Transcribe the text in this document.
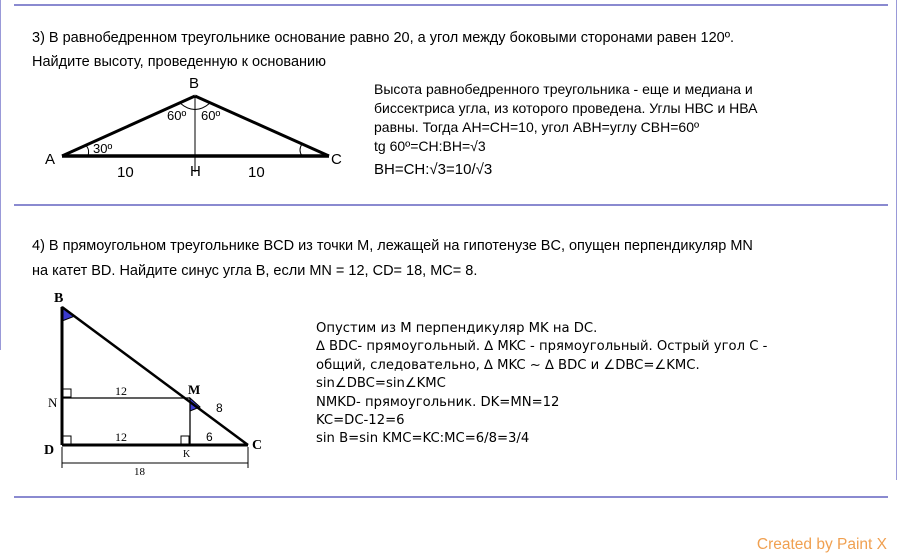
3) В равнобедренном треугольнике основание равно 20, а угол между боковыми сторонами равен 120º.
Найдите высоту, проведенную к основанию
B
A	C
H
60º 60º
30º
10	10
Высота равнобедренного треугольника - еще и медиана и
биссектриса угла, из которого проведена. Углы НВС и НВА
равны. Тогда АН=СН=10, угол АВН=углу СВН=60º
tg 60º=CH:BH=√3
BH=CH:√3=10/√3
4) В прямоугольном треугольнике BCD из точки M, лежащей на гипотенузе BC, опущен перпендикуляр MN
на катет BD. Найдите синус угла B, если MN = 12, CD= 18, MC= 8.
B
N
D
M
K
C
12
12	6
8
18
Опустим из M перпендикуляр MK на DC.
∆ BDC- прямоугольный. ∆ MKC - прямоугольный. Острый угол С -
общий, следовательно, ∆ MKC ~ ∆ BDC и ∠DBC=∠KMC.
sin∠DBC=sin∠KMC
NMKD- прямоугольник. DK=MN=12
KC=DC-12=6
sin B=sin KMC=KC:MC=6/8=3/4
Created by Paint X
